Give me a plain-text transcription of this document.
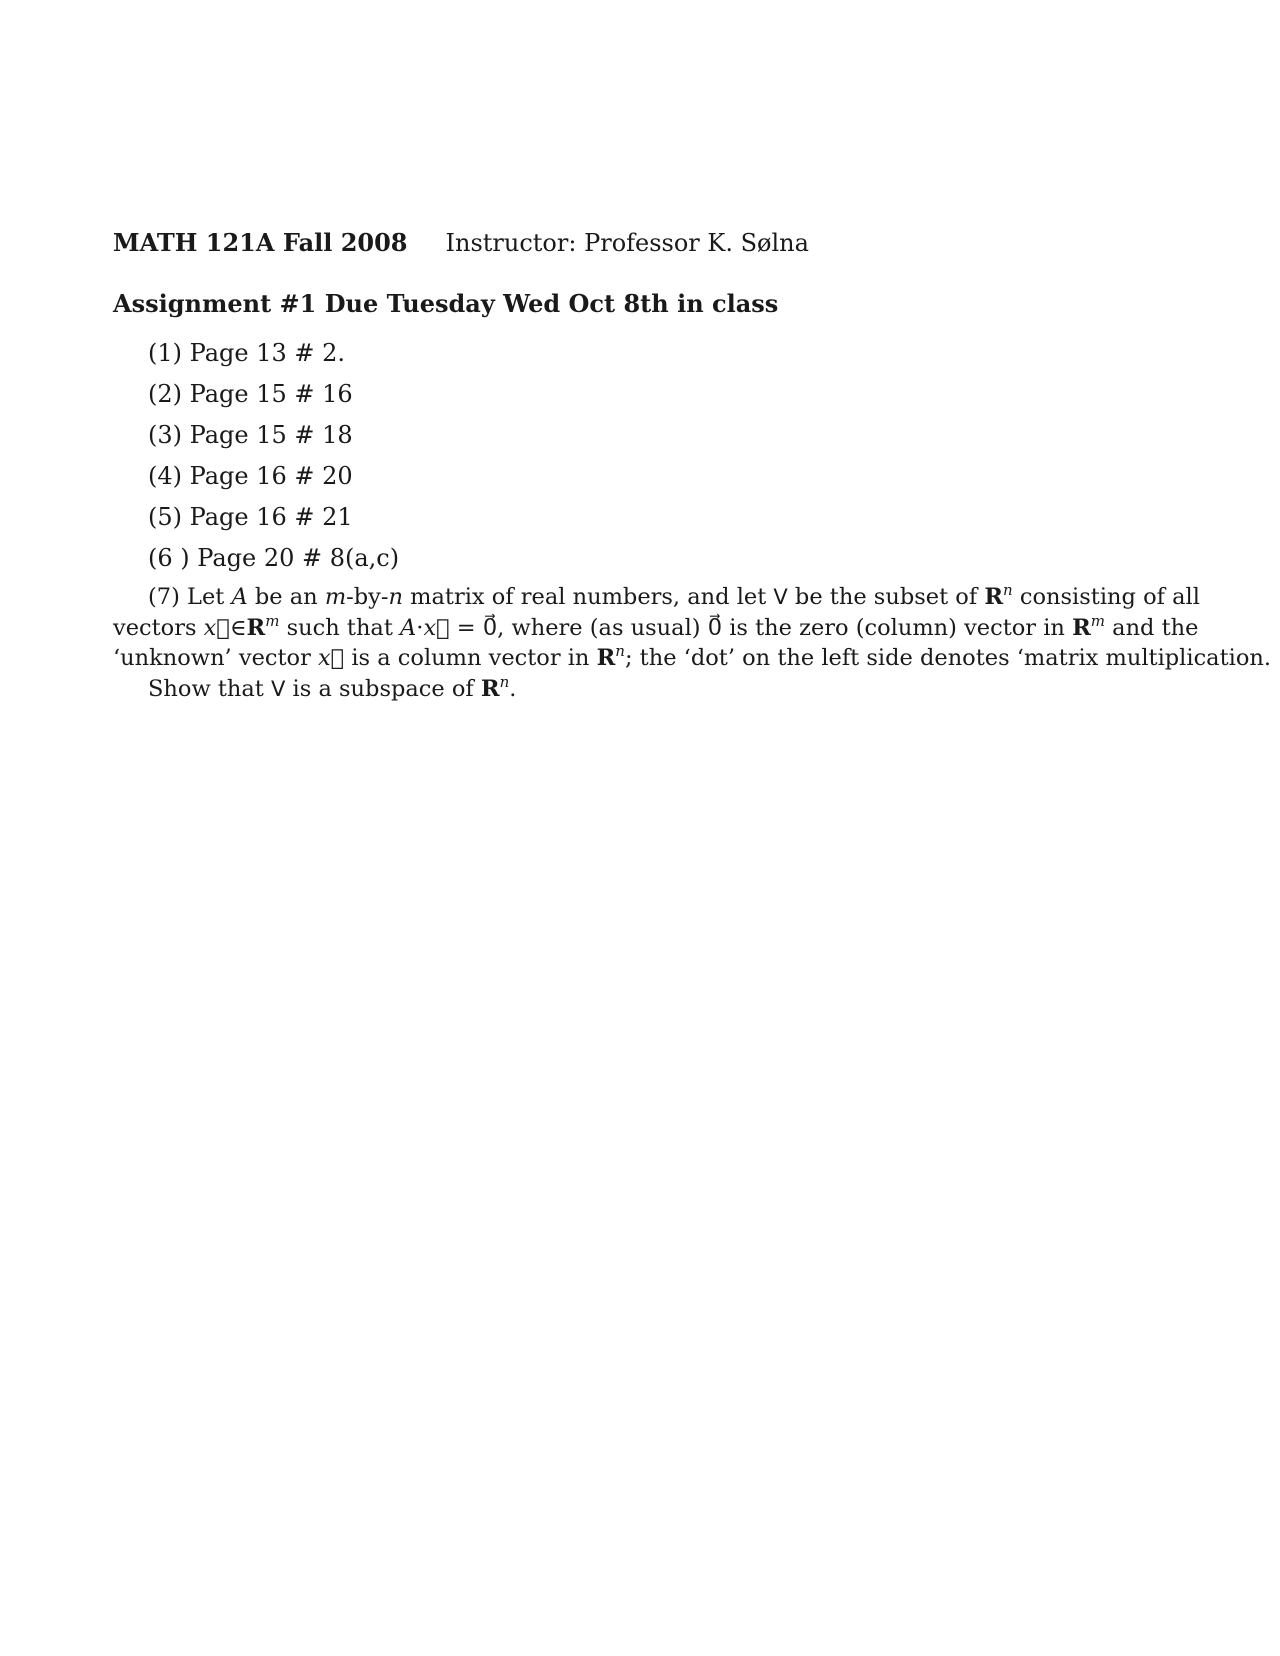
MATH 121A Fall 2008 Instructor: Professor K. Sølna
Assignment #1 Due Tuesday Wed Oct 8th in class
(1) Page 13 # 2.
(2) Page 15 # 16
(3) Page 15 # 18
(4) Page 16 # 20
(5) Page 16 # 21
(6 ) Page 20 # 8(a,c)
(7) Let A be an m-by-n matrix of real numbers, and let V be the subset of $R^n$ consisting of all
vectors $x⃗\in R^m$ such that A·x⃗ = 0⃗, where (as usual) 0⃗ is the zero (column) vector in $R^m$ and the
‘unknown’ vector x⃗ is a column vector in $R^n$; the ‘dot’ on the left side denotes ‘matrix multiplication.
Show that V is a subspace of $R^n$.
